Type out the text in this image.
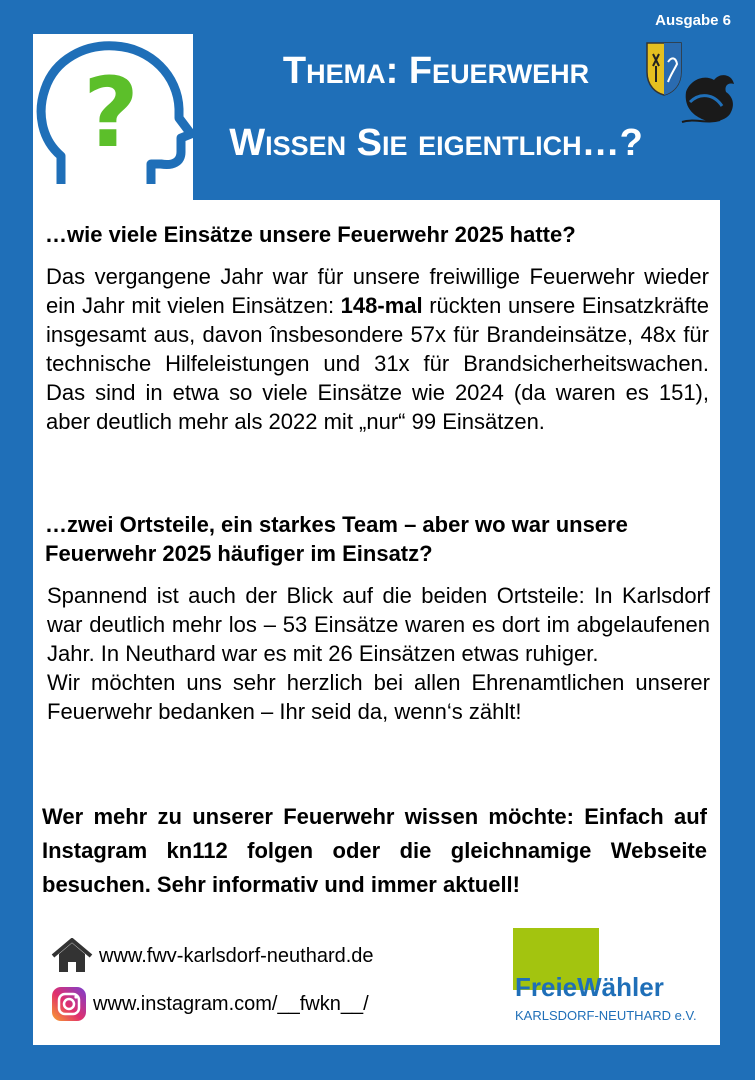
Ausgabe 6
?	Thema: Feuerwehr
Wissen Sie eigentlich…?
…wie viele Einsätze unsere Feuerwehr 2025 hatte?
Das vergangene Jahr war für unsere freiwillige Feuerwehr wieder ein Jahr mit vielen Einsätzen: 148-mal rückten unsere Einsatzkräfte insgesamt aus, davon însbesondere 57x für Brandeinsätze, 48x für technische Hilfeleistungen und 31x für Brandsicherheitswachen. Das sind in etwa so viele Einsätze wie 2024 (da waren es 151), aber deutlich mehr als 2022 mit „nur“ 99 Einsätzen.
…zwei Ortsteile, ein starkes Team – aber wo war unsere Feuerwehr 2025 häufiger im Einsatz?
Spannend ist auch der Blick auf die beiden Ortsteile: In Karlsdorf war deutlich mehr los – 53 Einsätze waren es dort im abgelaufenen Jahr. In Neuthard war es mit 26 Einsätzen etwas ruhiger.
Wir möchten uns sehr herzlich bei allen Ehrenamtlichen unserer Feuerwehr bedanken – Ihr seid da, wenn‘s zählt!
Wer mehr zu unserer Feuerwehr wissen möchte: Einfach auf Instagram kn112 folgen oder die gleichnamige Webseite besuchen. Sehr informativ und immer aktuell!
www.fwv-karlsdorf-neuthard.de
www.instagram.com/__fwkn__/
FreieWähler
KARLSDORF-NEUTHARD e.V.
